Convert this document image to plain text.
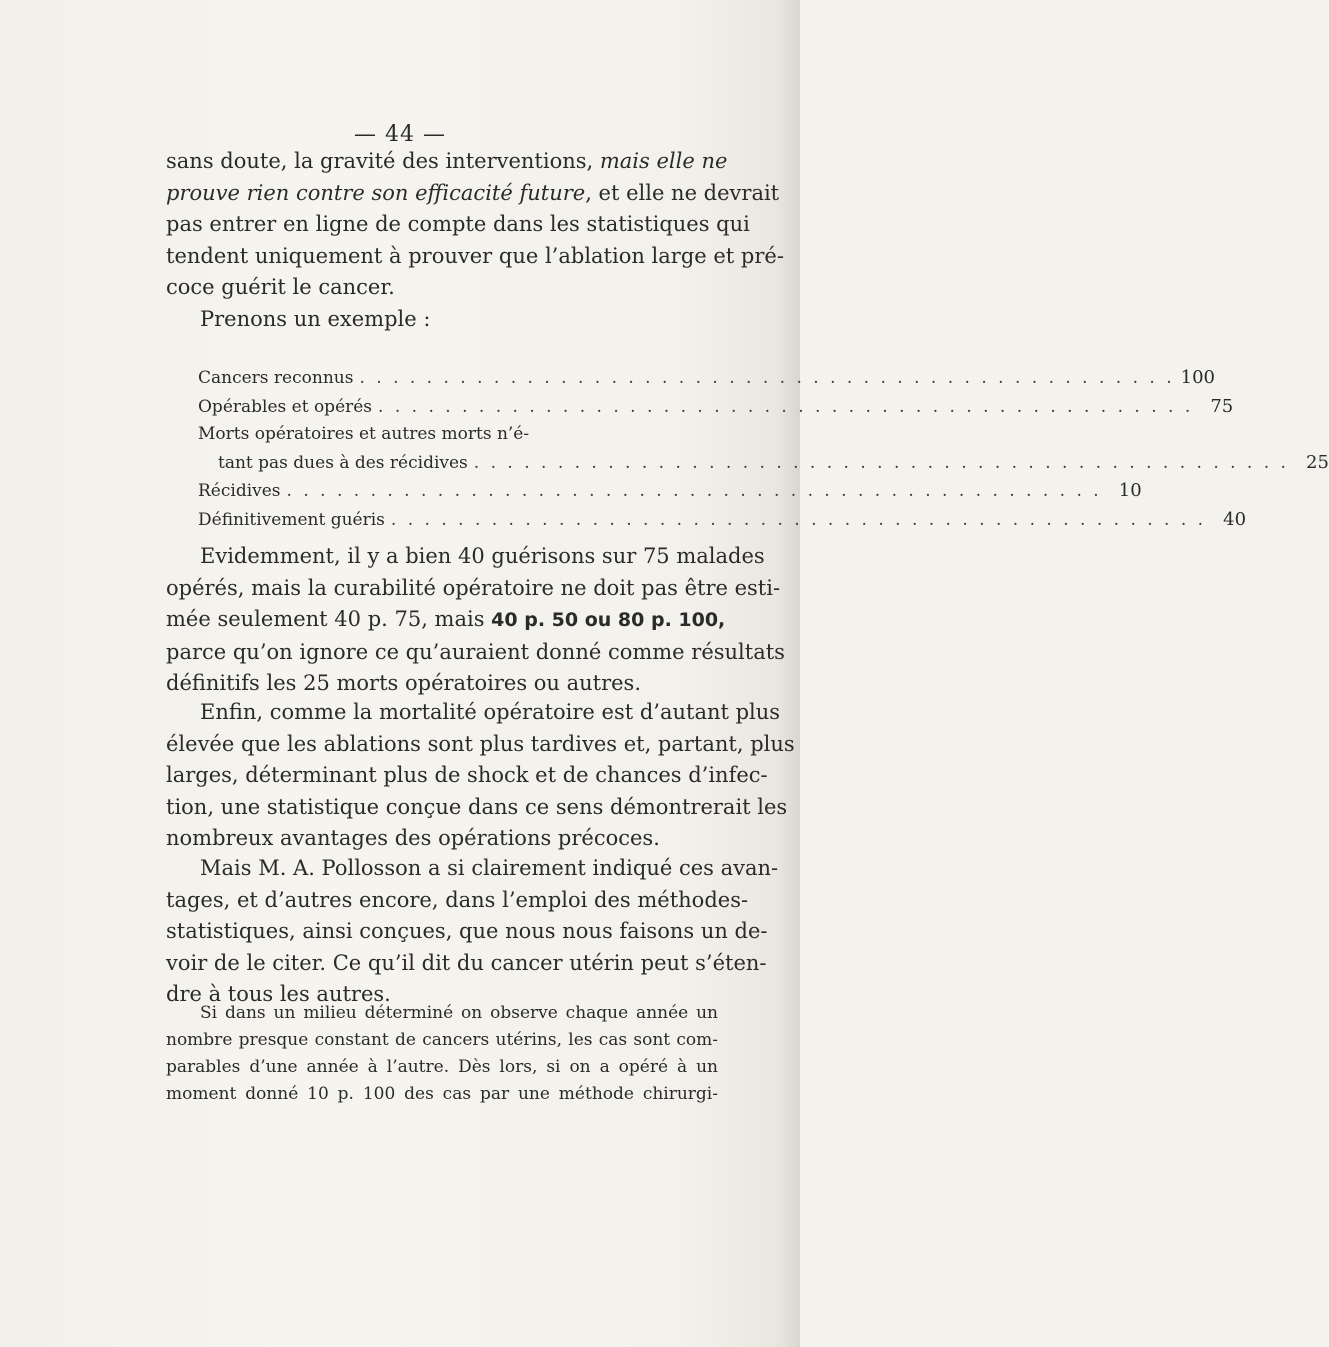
— 44 —
sans doute, la gravité des interventions, mais elle ne
prouve rien contre son efficacité future, et elle ne devrait
pas entrer en ligne de compte dans les statistiques qui
tendent uniquement à prouver que l’ablation large et pré-
coce guérit le cancer.
Prenons un exemple :
Cancers reconnus . . .	100
Opérables et opérés . . .	75
Morts opératoires et autres morts n’é-
tant pas dues à des récidives . . .	25
Récidives . . .	10
Définitivement guéris . . .	40
Evidemment, il y a bien 40 guérisons sur 75 malades
opérés, mais la curabilité opératoire ne doit pas être esti-
mée seulement 40 p. 75, mais 40 p. 50 ou 80 p. 100,
parce qu’on ignore ce qu’auraient donné comme résultats
définitifs les 25 morts opératoires ou autres.
Enfin, comme la mortalité opératoire est d’autant plus
élevée que les ablations sont plus tardives et, partant, plus
larges, déterminant plus de shock et de chances d’infec-
tion, une statistique conçue dans ce sens démontrerait les
nombreux avantages des opérations précoces.
Mais M. A. Pollosson a si clairement indiqué ces avan-
tages, et d’autres encore, dans l’emploi des méthodes-
statistiques, ainsi conçues, que nous nous faisons un de-
voir de le citer. Ce qu’il dit du cancer utérin peut s’éten-
dre à tous les autres.
Si dans un milieu déterminé on observe chaque année un
nombre presque constant de cancers utérins, les cas sont com-
parables d’une année à l’autre. Dès lors, si on a opéré à un
moment donné 10 p. 100 des cas par une méthode chirurgi-
